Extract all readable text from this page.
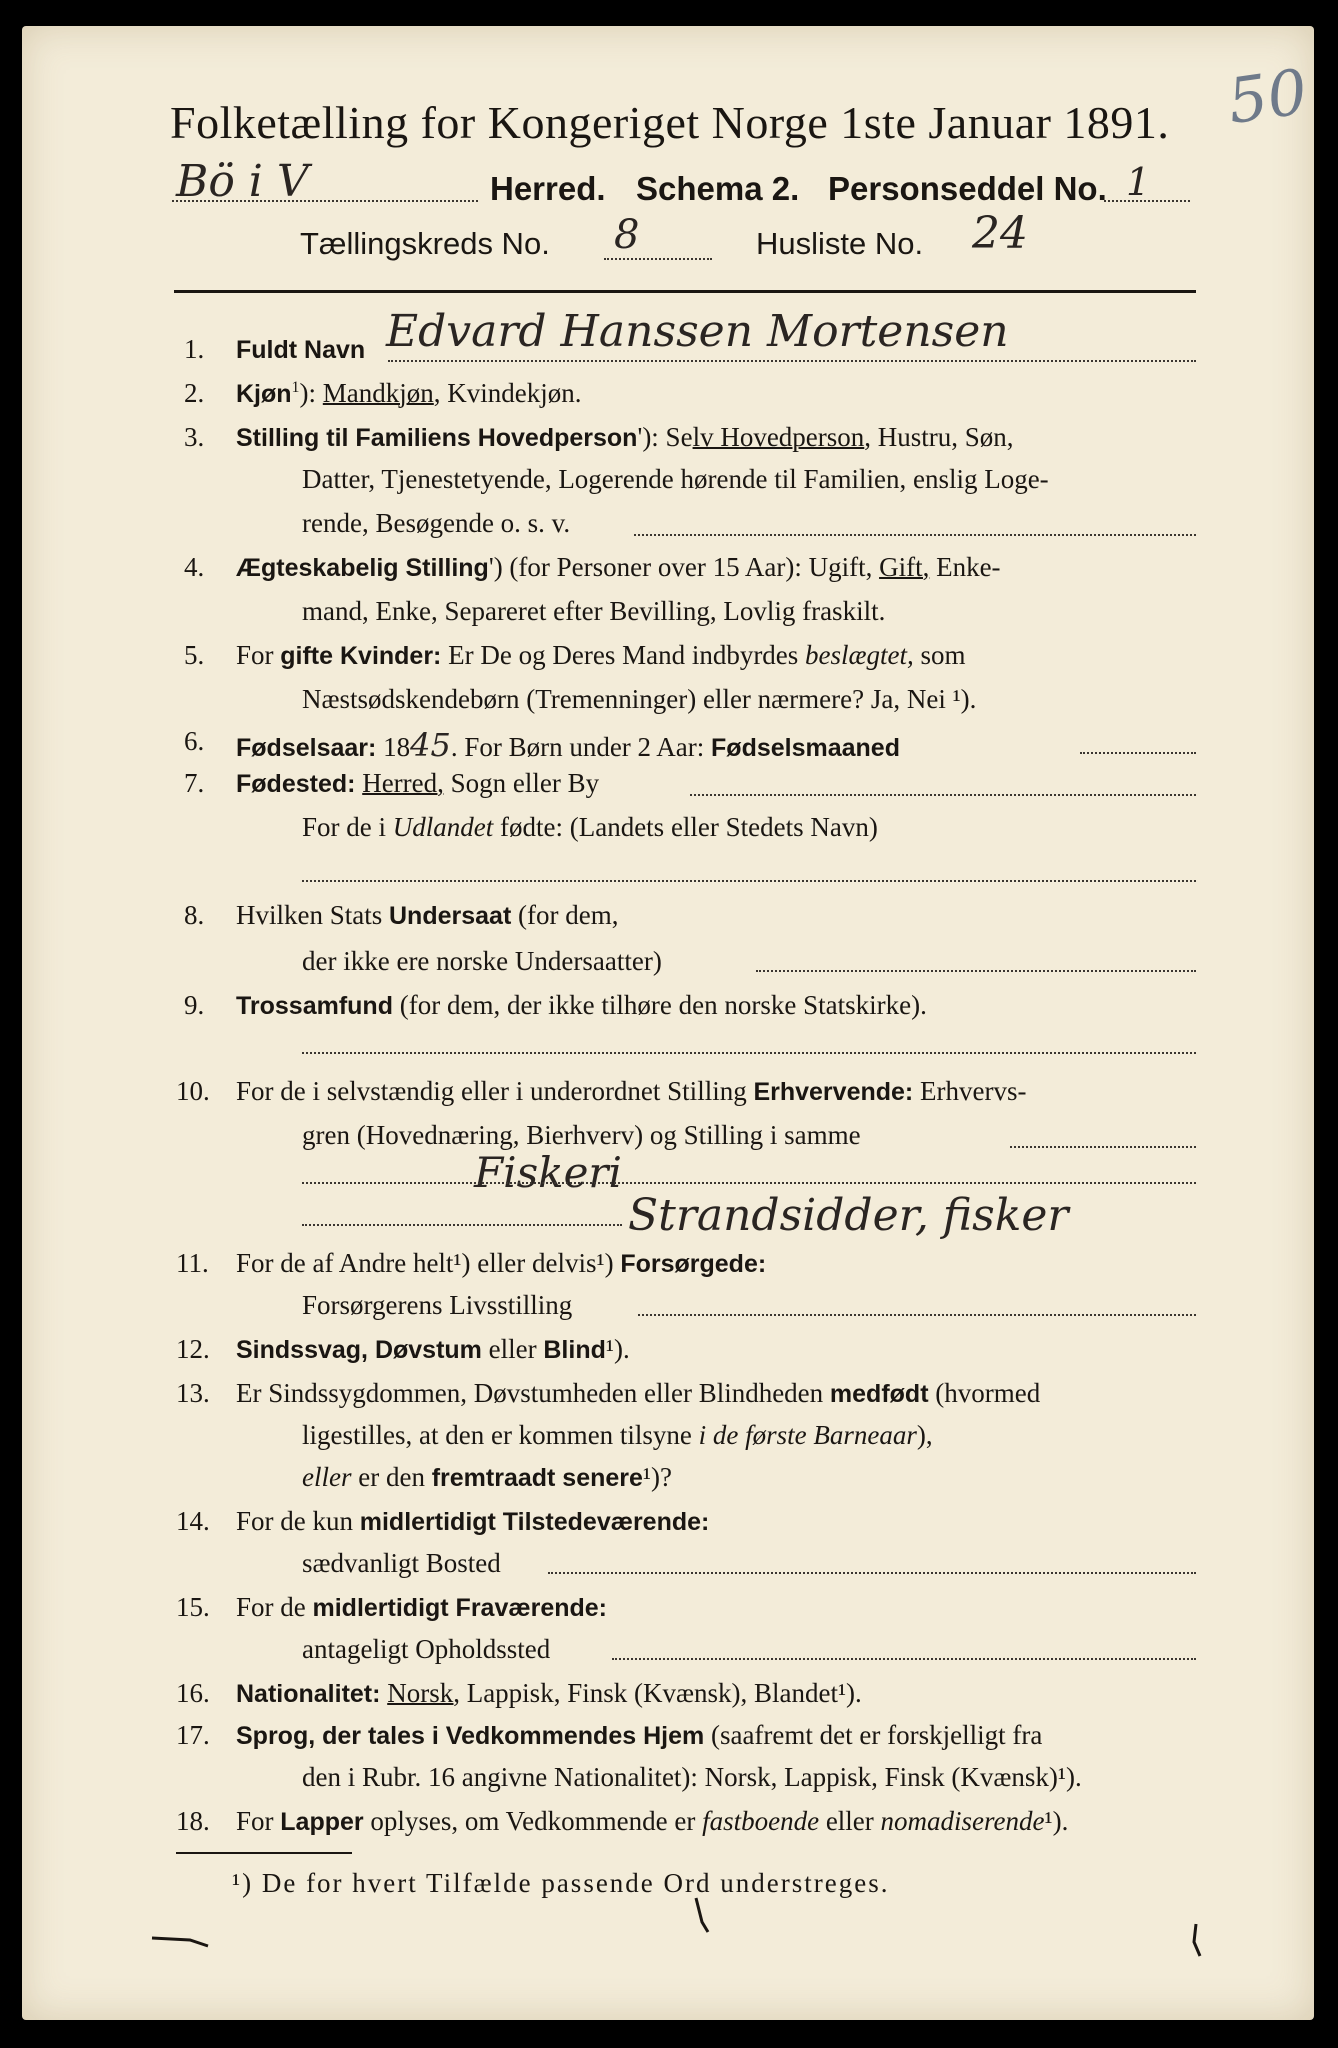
50
Folketælling for Kongeriget Norge 1ste Januar 1891.
Bö i V	Herred. Schema 2. Personseddel No. 1
Tællingskreds No. 8	Husliste No. 24
1. Fuldt Navn Edvard Hanssen Mortensen
2. Kjøn$^1$): Mandkjøn, Kvindekjøn.
3. Stilling til Familiens Hovedperson'): Selv Hovedperson, Hustru, Søn,
Datter, Tjenestetyende, Logerende hørende til Familien, enslig Loge-
rende, Besøgende o. s. v.
4. Ægteskabelig Stilling') (for Personer over 15 Aar): Ugift, Gift, Enke-
mand, Enke, Separeret efter Bevilling, Lovlig fraskilt.
5. For gifte Kvinder: Er De og Deres Mand indbyrdes beslægtet, som
Næstsødskendebørn (Tremenninger) eller nærmere? Ja, Nei ¹).
6. Fødselsaar: 1845. For Børn under 2 Aar: Fødselsmaaned
7. Fødested: Herred, Sogn eller By
For de i Udlandet fødte: (Landets eller Stedets Navn)
8. Hvilken Stats Undersaat (for dem,
der ikke ere norske Undersaatter)
9. Trossamfund (for dem, der ikke tilhøre den norske Statskirke).
10. For de i selvstændig eller i underordnet Stilling Erhvervende: Erhvervs-
gren (Hovednæring, Bierhverv) og Stilling i samme
Fiskeri
Strandsidder, fisker
11. For de af Andre helt¹) eller delvis¹) Forsørgede:
Forsørgerens Livsstilling
12. Sindssvag, Døvstum eller Blind¹).
13. Er Sindssygdommen, Døvstumheden eller Blindheden medfødt (hvormed
ligestilles, at den er kommen tilsyne i de første Barneaar),
eller er den fremtraadt senere¹)?
14. For de kun midlertidigt Tilstedeværende:
sædvanligt Bosted
15. For de midlertidigt Fraværende:
antageligt Opholdssted
16. Nationalitet: Norsk, Lappisk, Finsk (Kvænsk), Blandet¹).
17. Sprog, der tales i Vedkommendes Hjem (saafremt det er forskjelligt fra
den i Rubr. 16 angivne Nationalitet): Norsk, Lappisk, Finsk (Kvænsk)¹).
18. For Lapper oplyses, om Vedkommende er fastboende eller nomadiserende¹).
¹) De for hvert Tilfælde passende Ord understreges.
